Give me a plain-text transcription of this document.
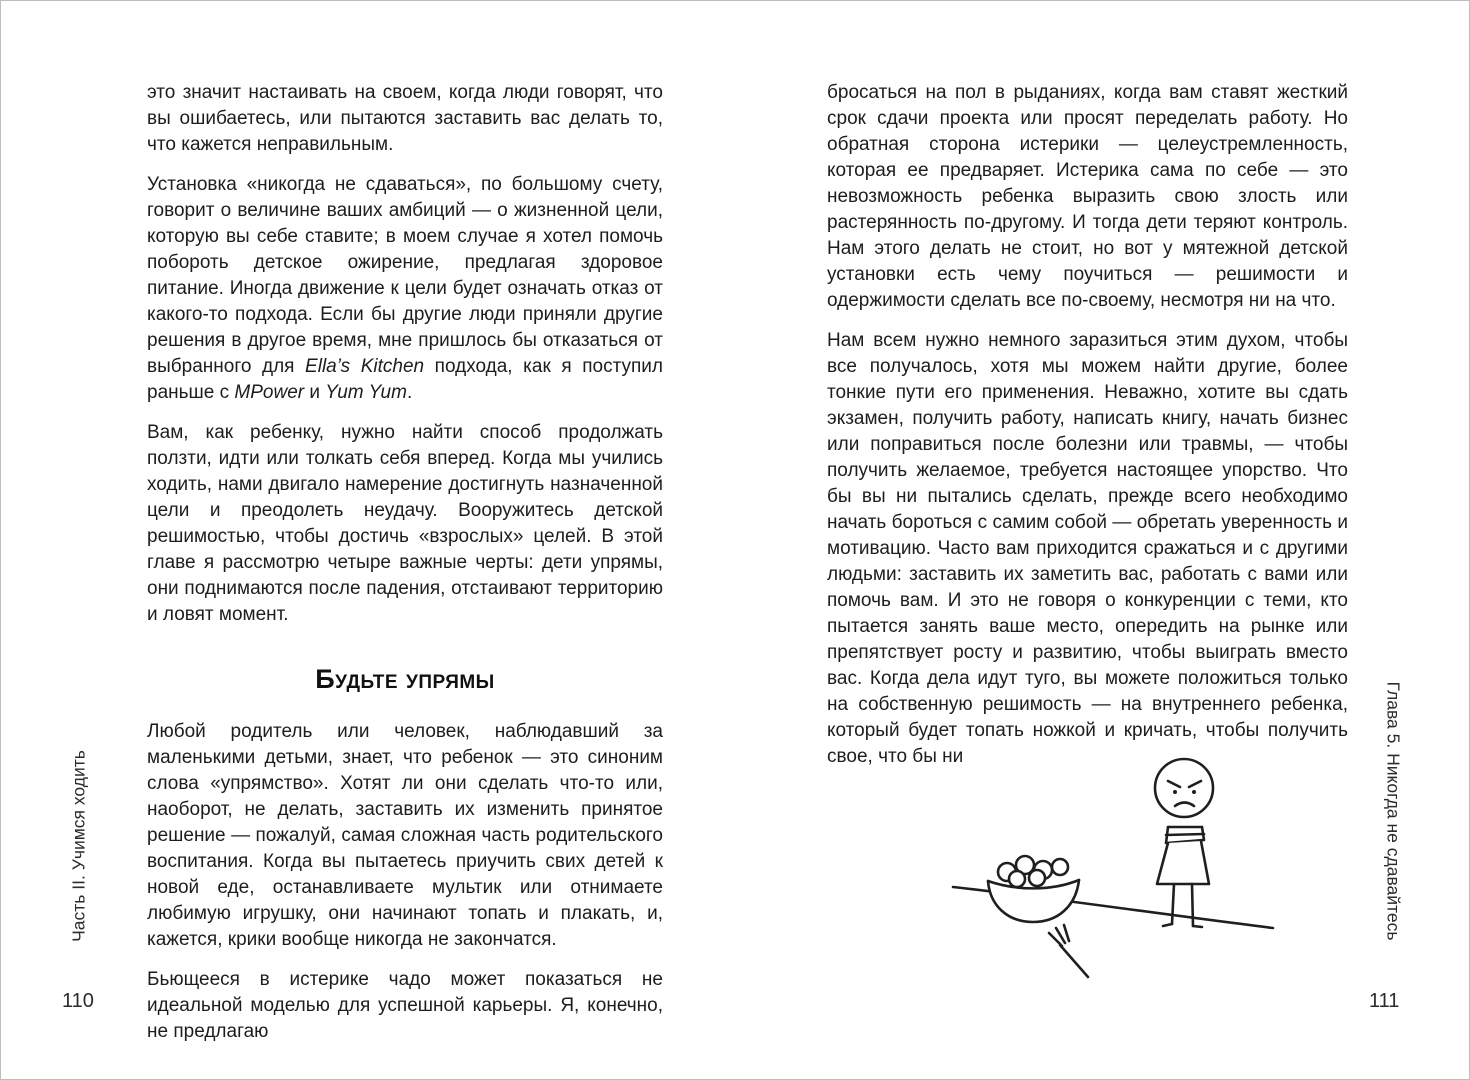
это значит настаивать на своем, когда люди говорят, что вы ошибаетесь, или пытаются заставить вас делать то, что кажется неправильным.

Установка «никогда не сдаваться», по большому счету, говорит о величине ваших амбиций — о жизненной цели, которую вы себе ставите; в моем случае я хотел помочь побороть детское ожирение, предлагая здоровое питание. Иногда движение к цели будет означать отказ от какого-то подхода. Если бы другие люди приняли другие решения в другое время, мне пришлось бы отказаться от выбранного для Ella’s Kitchen подхода, как я поступил раньше с MPower и Yum Yum.

Вам, как ребенку, нужно найти способ продолжать ползти, идти или толкать себя вперед. Когда мы учились ходить, нами двигало намерение достигнуть назначенной цели и преодолеть неудачу. Вооружитесь детской решимостью, чтобы достичь «взрослых» целей. В этой главе я рассмотрю четыре важные черты: дети упрямы, они поднимаются после падения, отстаивают территорию и ловят момент.

Будьте упрямы

Любой родитель или человек, наблюдавший за маленькими детьми, знает, что ребенок — это синоним слова «упрямство». Хотят ли они сделать что-то или, наоборот, не делать, заставить их изменить принятое решение — пожалуй, самая сложная часть родительского воспитания. Когда вы пытаетесь приучить свих детей к новой еде, останавливаете мультик или отнимаете любимую игрушку, они начинают топать и плакать, и, кажется, крики вообще никогда не закончатся.

Бьющееся в истерике чадо может показаться не идеальной моделью для успешной карьеры. Я, конечно, не предлагаю

бросаться на пол в рыданиях, когда вам ставят жесткий срок сдачи проекта или просят переделать работу. Но обратная сторона истерики — целеустремленность, которая ее предваряет. Истерика сама по себе — это невозможность ребенка выразить свою злость или растерянность по-другому. И тогда дети теряют контроль. Нам этого делать не стоит, но вот у мятежной детской установки есть чему поучиться — решимости и одержимости сделать все по-своему, несмотря ни на что.

Нам всем нужно немного заразиться этим духом, чтобы все получалось, хотя мы можем найти другие, более тонкие пути его применения. Неважно, хотите вы сдать экзамен, получить работу, написать книгу, начать бизнес или поправиться после болезни или травмы, — чтобы получить желаемое, требуется настоящее упорство. Что бы вы ни пытались сделать, прежде всего необходимо начать бороться с самим собой — обретать уверенность и мотивацию. Часто вам приходится сражаться и с другими людьми: заставить их заметить вас, работать с вами или помочь вам. И это не говоря о конкуренции с теми, кто пытается занять ваше место, опередить на рынке или препятствует росту и развитию, чтобы выиграть вместо вас. Когда дела идут туго, вы можете положиться только на собственную решимость — на внутреннего ребенка, который будет топать ножкой и кричать, чтобы получить свое, что бы ни

Часть II. Учимся ходить	Глава 5. Никогда не сдавайтесь
110	111
